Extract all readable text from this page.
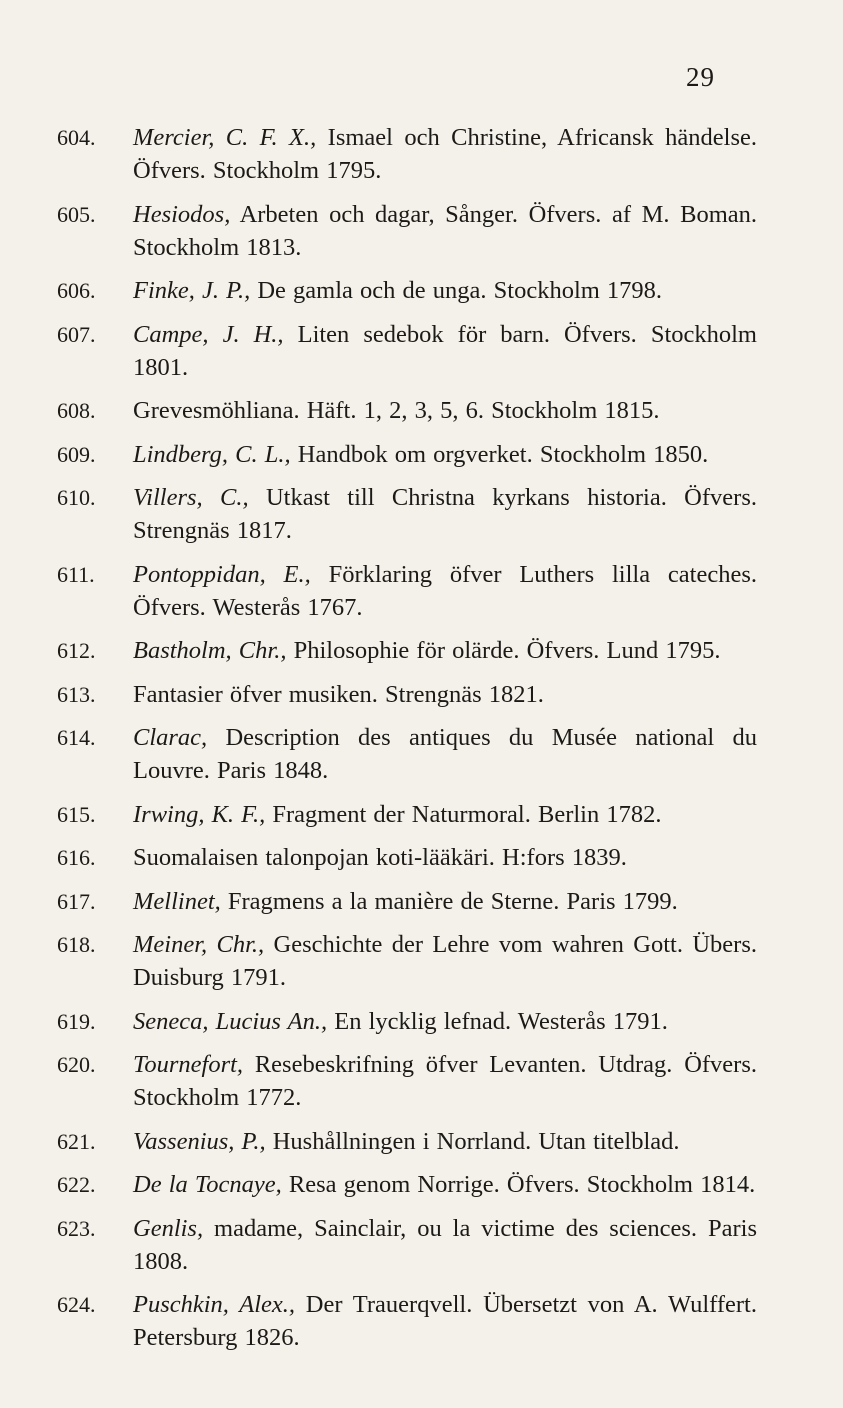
29
604.	Mercier, C. F. X., Ismael och Christine, Africansk händelse. Öfvers. Stockholm 1795.
605.	Hesiodos, Arbeten och dagar, Sånger. Öfvers. af M. Boman. Stockholm 1813.
606.	Finke, J. P., De gamla och de unga. Stockholm 1798.
607.	Campe, J. H., Liten sedebok för barn. Öfvers. Stockholm 1801.
608.	Grevesmöhliana. Häft. 1, 2, 3, 5, 6. Stockholm 1815.
609.	Lindberg, C. L., Handbok om orgverket. Stockholm 1850.
610.	Villers, C., Utkast till Christna kyrkans historia. Öfvers. Strengnäs 1817.
611.	Pontoppidan, E., Förklaring öfver Luthers lilla cateches. Öfvers. Westerås 1767.
612.	Bastholm, Chr., Philosophie för olärde. Öfvers. Lund 1795.
613.	Fantasier öfver musiken. Strengnäs 1821.
614.	Clarac, Description des antiques du Musée national du Louvre. Paris 1848.
615.	Irwing, K. F., Fragment der Naturmoral. Berlin 1782.
616.	Suomalaisen talonpojan koti-lääkäri. H:fors 1839.
617.	Mellinet, Fragmens a la manière de Sterne. Paris 1799.
618.	Meiner, Chr., Geschichte der Lehre vom wahren Gott. Übers. Duisburg 1791.
619.	Seneca, Lucius An., En lycklig lefnad. Westerås 1791.
620.	Tournefort, Resebeskrifning öfver Levanten. Utdrag. Öfvers. Stockholm 1772.
621.	Vassenius, P., Hushållningen i Norrland. Utan titelblad.
622.	De la Tocnaye, Resa genom Norrige. Öfvers. Stockholm 1814.
623.	Genlis, madame, Sainclair, ou la victime des sciences. Paris 1808.
624.	Puschkin, Alex., Der Trauerqvell. Übersetzt von A. Wulffert. Petersburg 1826.
